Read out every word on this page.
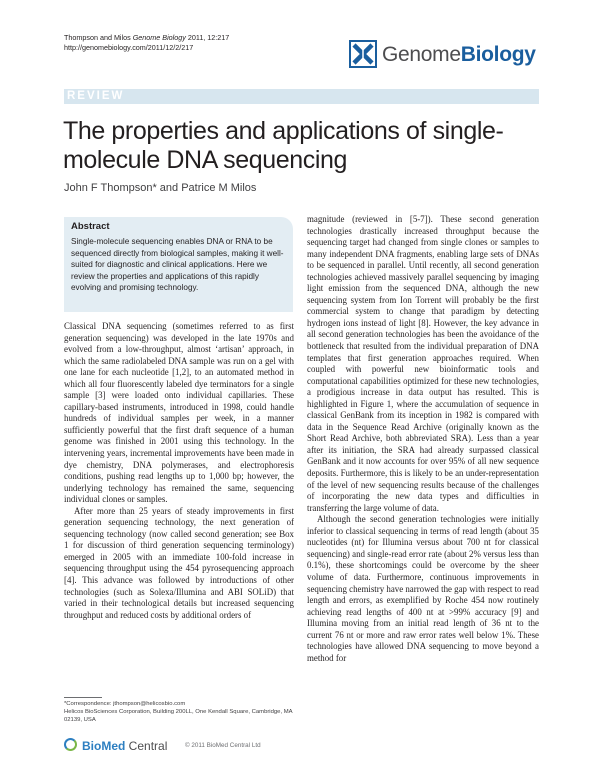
Thompson and Milos Genome Biology 2011, 12:217
http://genomebiology.com/2011/12/2/217	GenomeBiology
REVIEW
The properties and applications of single-molecule DNA sequencing
John F Thompson* and Patrice M Milos
Abstract

Single-molecule sequencing enables DNA or RNA to be sequenced directly from biological samples, making it well-suited for diagnostic and clinical applications. Here we review the properties and applications of this rapidly evolving and promising technology.

Classical DNA sequencing (sometimes referred to as first generation sequencing) was developed in the late 1970s and evolved from a low-throughput, almost ‘artisan’ approach, in which the same radiolabeled DNA sample was run on a gel with one lane for each nucleotide [1,2], to an automated method in which all four fluorescently labeled dye terminators for a single sample [3] were loaded onto individual capillaries. These capillary-based instruments, introduced in 1998, could handle hundreds of individual samples per week, in a manner sufficiently powerful that the first draft sequence of a human genome was finished in 2001 using this technology. In the intervening years, incremental improvements have been made in dye chemistry, DNA polymerases, and electrophoresis conditions, pushing read lengths up to 1,000 bp; however, the underlying technology has remained the same, sequencing individual clones or samples.

After more than 25 years of steady improvements in first generation sequencing technology, the next generation of sequencing technology (now called second generation; see Box 1 for discussion of third generation sequencing terminology) emerged in 2005 with an immediate 100-fold increase in sequencing throughput using the 454 pyrosequencing approach [4]. This advance was followed by introductions of other technologies (such as Solexa/Illumina and ABI SOLiD) that varied in their technological details but increased sequencing throughput and reduced costs by additional orders of

magnitude (reviewed in [5-7]). These second generation technologies drastically increased throughput because the sequencing target had changed from single clones or samples to many independent DNA fragments, enabling large sets of DNAs to be sequenced in parallel. Until recently, all second generation technologies achieved massively parallel sequencing by imaging light emission from the sequenced DNA, although the new sequencing system from Ion Torrent will probably be the first commercial system to change that paradigm by detecting hydrogen ions instead of light [8]. However, the key advance in all second generation technologies has been the avoidance of the bottleneck that resulted from the individual preparation of DNA templates that first generation approaches required. When coupled with powerful new bioinformatic tools and computational capabilities optimized for these new technologies, a prodigious increase in data output has resulted. This is highlighted in Figure 1, where the accumulation of sequence in classical GenBank from its inception in 1982 is compared with data in the Sequence Read Archive (originally known as the Short Read Archive, both abbreviated SRA). Less than a year after its initiation, the SRA had already surpassed classical GenBank and it now accounts for over 95% of all new sequence deposits. Furthermore, this is likely to be an under-representation of the level of new sequencing results because of the challenges of incorporating the new data types and difficulties in transferring the large volume of data.

Although the second generation technologies were initially inferior to classical sequencing in terms of read length (about 35 nucleotides (nt) for Illumina versus about 700 nt for classical sequencing) and single-read error rate (about 2% versus less than 0.1%), these shortcomings could be overcome by the sheer volume of data. Furthermore, continuous improvements in sequencing chemistry have narrowed the gap with respect to read length and errors, as exemplified by Roche 454 now routinely achieving read lengths of 400 nt at >99% accuracy [9] and Illumina moving from an initial read length of 36 nt to the current 76 nt or more and raw error rates well below 1%. These technologies have allowed DNA sequencing to move beyond a method for

*Correspondence: jthompson@helicosbio.com
Helicos BioSciences Corporation, Building 200LL, One Kendall Square, Cambridge, MA 02139, USA
BioMed Central	© 2011 BioMed Central Ltd
